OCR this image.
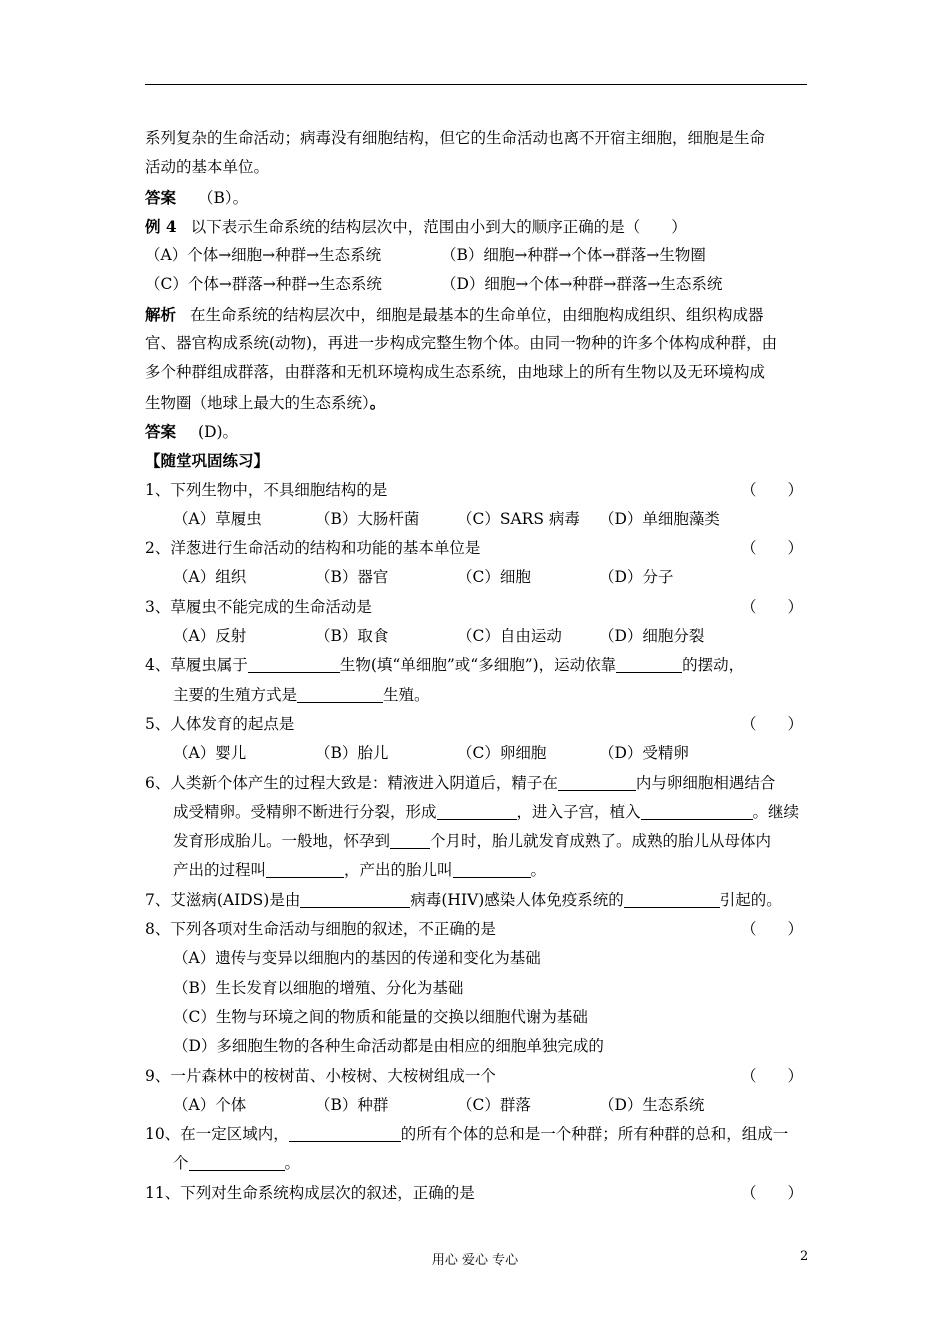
系列复杂的生命活动；病毒没有细胞结构，但它的生命活动也离不开宿主细胞，细胞是生命
活动的基本单位。
答案 （B）。
例 4 以下表示生命系统的结构层次中，范围由小到大的顺序正确的是（　　）
（A）个体→细胞→种群→生态系统	（B）细胞→种群→个体→群落→生物圈
（C）个体→群落→种群→生态系统	（D）细胞→个体→种群→群落→生态系统
解析 在生命系统的结构层次中，细胞是最基本的生命单位，由细胞构成组织、组织构成器
官、器官构成系统(动物)，再进一步构成完整生物个体。由同一物种的许多个体构成种群，由
多个种群组成群落，由群落和无机环境构成生态系统，由地球上的所有生物以及无环境构成
生物圈（地球上最大的生态系统）。
答案 (D)。
【随堂巩固练习】
1、下列生物中，不具细胞结构的是	（　　）
（A）草履虫	（B）大肠杆菌 （C）SARS 病毒 （D）单细胞藻类
2、洋葱进行生命活动的结构和功能的基本单位是	（　　）
（A）组织	（B）器官	（C）细胞	（D）分子
3、草履虫不能完成的生命活动是	（　　）
（A）反射	（B）取食	（C）自由运动 （D）细胞分裂
4、草履虫属于	生物(填“单细胞”或“多细胞”)，运动依靠	的摆动，
主要的生殖方式是	生殖。
5、人体发育的起点是	（　　）
（A）婴儿	（B）胎儿	（C）卵细胞	（D）受精卵
6、人类新个体产生的过程大致是：精液进入阴道后，精子在	内与卵细胞相遇结合
成受精卵。受精卵不断进行分裂，形成	，进入子宫，植入	。继续
发育形成胎儿。一般地，怀孕到	个月时，胎儿就发育成熟了。成熟的胎儿从母体内
产出的过程叫	，产出的胎儿叫	。
7、艾滋病(AIDS)是由	病毒(HIV)感染人体免疫系统的	引起的。
8、下列各项对生命活动与细胞的叙述，不正确的是	（　　）
（A）遗传与变异以细胞内的基因的传递和变化为基础
（B）生长发育以细胞的增殖、分化为基础
（C）生物与环境之间的物质和能量的交换以细胞代谢为基础
（D）多细胞生物的各种生命活动都是由相应的细胞单独完成的
9、一片森林中的桉树苗、小桉树、大桉树组成一个	（　　）
（A）个体	（B）种群	（C）群落	（D）生态系统
10、在一定区域内，	的所有个体的总和是一个种群；所有种群的总和，组成一
个	。
11、下列对生命系统构成层次的叙述，正确的是	（　　）
用心 爱心 专心	2
